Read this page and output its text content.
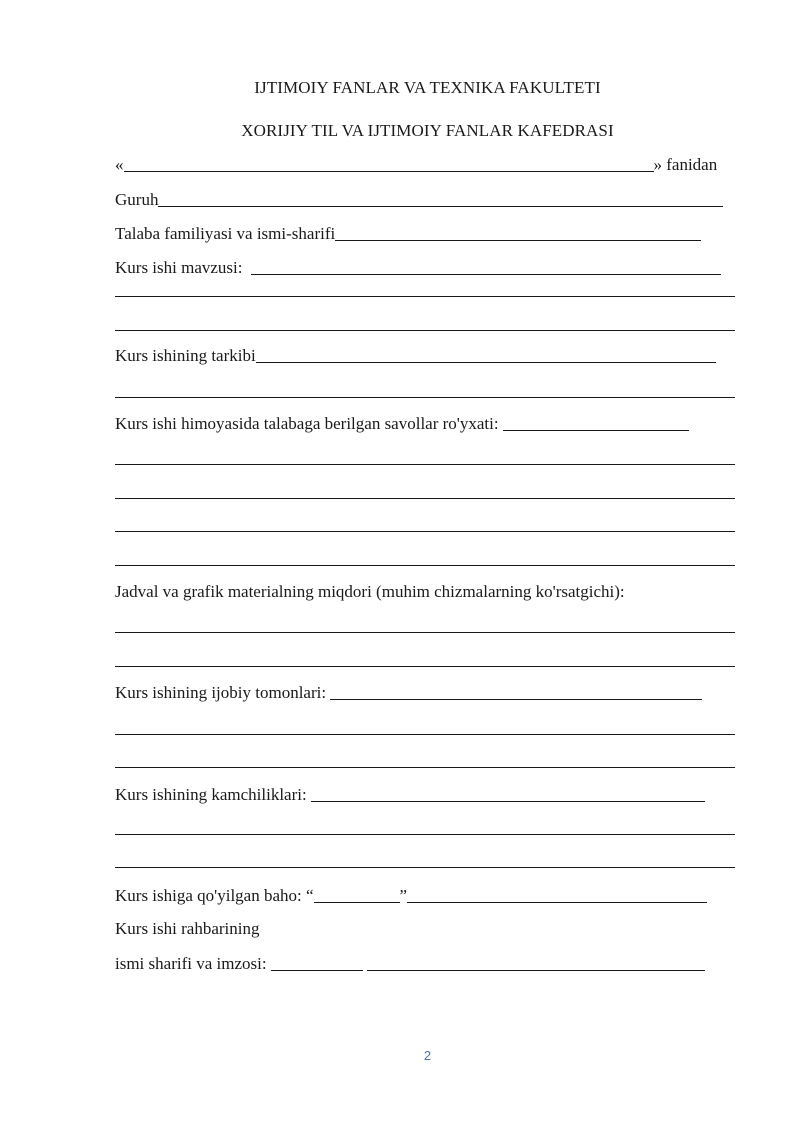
IJTIMOIY FANLAR VA TEXNIKA FAKULTETI
XORIJIY TIL VA IJTIMOIY FANLAR KAFEDRASI
«	» fanidan
Guruh
Talaba familiyasi va ismi-sharifi
Kurs ishi mavzusi:
Kurs ishining tarkibi
Kurs ishi himoyasida talabaga berilgan savollar ro'yxati:
Jadval va grafik materialning miqdori (muhim chizmalarning ko'rsatgichi):
Kurs ishining ijobiy tomonlari:
Kurs ishining kamchiliklari:
Kurs ishiga qo'yilgan baho: “	”
Kurs ishi rahbarining
ismi sharifi va imzosi:
2
